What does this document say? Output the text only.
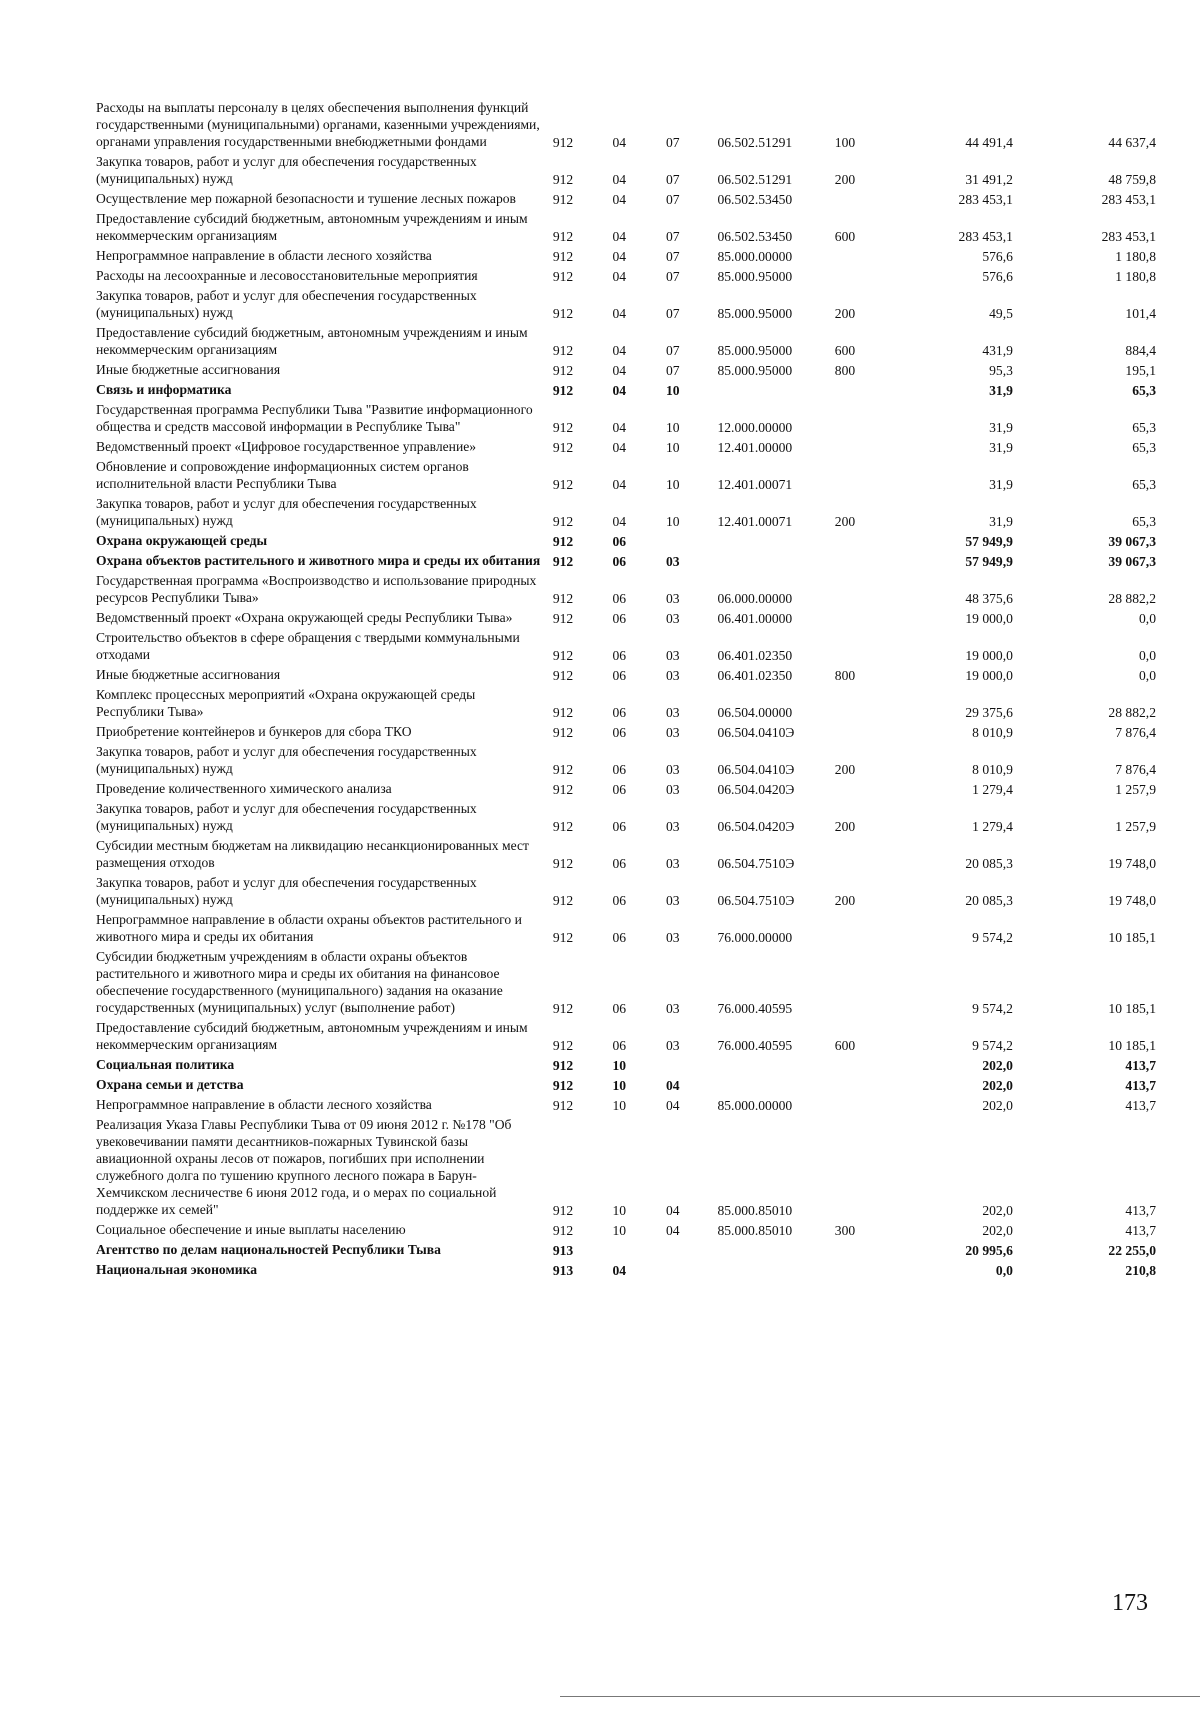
Расходы на выплаты персоналу в целях обеспечения выполнения функций государственными (муниципальными) органами, казенными учреждениями, органами управления государственными внебюджетными фондами	912	04	07	06.502.51291	100	44 491,4	44 637,4
Закупка товаров, работ и услуг для обеспечения государственных (муниципальных) нужд	912	04	07	06.502.51291	200	31 491,2	48 759,8
Осуществление мер пожарной безопасности и тушение лесных пожаров	912	04	07	06.502.53450		283 453,1	283 453,1
Предоставление субсидий бюджетным, автономным учреждениям и иным некоммерческим организациям	912	04	07	06.502.53450	600	283 453,1	283 453,1
Непрограммное направление в области лесного хозяйства	912	04	07	85.000.00000		576,6	1 180,8
Расходы на лесоохранные и лесовосстановительные мероприятия	912	04	07	85.000.95000		576,6	1 180,8
Закупка товаров, работ и услуг для обеспечения государственных (муниципальных) нужд	912	04	07	85.000.95000	200	49,5	101,4
Предоставление субсидий бюджетным, автономным учреждениям и иным некоммерческим организациям	912	04	07	85.000.95000	600	431,9	884,4
Иные бюджетные ассигнования	912	04	07	85.000.95000	800	95,3	195,1
Связь и информатика	912	04	10			31,9	65,3
Государственная программа Республики Тыва "Развитие информационного общества и средств массовой информации в Республике Тыва"	912	04	10	12.000.00000		31,9	65,3
Ведомственный проект «Цифровое государственное управление»	912	04	10	12.401.00000		31,9	65,3
Обновление и сопровождение информационных систем органов исполнительной власти Республики Тыва	912	04	10	12.401.00071		31,9	65,3
Закупка товаров, работ и услуг для обеспечения государственных (муниципальных) нужд	912	04	10	12.401.00071	200	31,9	65,3
Охрана окружающей среды	912	06				57 949,9	39 067,3
Охрана объектов растительного и животного мира и среды их обитания	912	06	03			57 949,9	39 067,3
Государственная программа «Воспроизводство и использование природных ресурсов Республики Тыва»	912	06	03	06.000.00000		48 375,6	28 882,2
Ведомственный проект «Охрана окружающей среды Республики Тыва»	912	06	03	06.401.00000		19 000,0	0,0
Строительство объектов в сфере обращения с твердыми коммунальными отходами	912	06	03	06.401.02350		19 000,0	0,0
Иные бюджетные ассигнования	912	06	03	06.401.02350	800	19 000,0	0,0
Комплекс процессных мероприятий «Охрана окружающей среды Республики Тыва»	912	06	03	06.504.00000		29 375,6	28 882,2
Приобретение контейнеров и бункеров для сбора ТКО	912	06	03	06.504.0410Э		8 010,9	7 876,4
Закупка товаров, работ и услуг для обеспечения государственных (муниципальных) нужд	912	06	03	06.504.0410Э	200	8 010,9	7 876,4
Проведение количественного химического анализа	912	06	03	06.504.0420Э		1 279,4	1 257,9
Закупка товаров, работ и услуг для обеспечения государственных (муниципальных) нужд	912	06	03	06.504.0420Э	200	1 279,4	1 257,9
Субсидии местным бюджетам на ликвидацию несанкционированных мест размещения отходов	912	06	03	06.504.7510Э		20 085,3	19 748,0
Закупка товаров, работ и услуг для обеспечения государственных (муниципальных) нужд	912	06	03	06.504.7510Э	200	20 085,3	19 748,0
Непрограммное направление в области охраны объектов растительного и животного мира и среды их обитания	912	06	03	76.000.00000		9 574,2	10 185,1
Субсидии бюджетным учреждениям в области охраны объектов растительного и животного мира и среды их обитания на финансовое обеспечение государственного (муниципального) задания на оказание государственных (муниципальных) услуг (выполнение работ)	912	06	03	76.000.40595		9 574,2	10 185,1
Предоставление субсидий бюджетным, автономным учреждениям и иным некоммерческим организациям	912	06	03	76.000.40595	600	9 574,2	10 185,1
Социальная политика	912	10				202,0	413,7
Охрана семьи и детства	912	10	04			202,0	413,7
Непрограммное направление в области лесного хозяйства	912	10	04	85.000.00000		202,0	413,7
Реализация Указа Главы Республики Тыва от 09 июня 2012 г. №178 "Об увековечивании памяти десантников-пожарных Тувинской базы авиационной охраны лесов от пожаров, погибших при исполнении служебного долга по тушению крупного лесного пожара в Барун-Хемчикском лесничестве 6 июня 2012 года, и о мерах по социальной поддержке их семей"	912	10	04	85.000.85010		202,0	413,7
Социальное обеспечение и иные выплаты населению	912	10	04	85.000.85010	300	202,0	413,7
Агентство по делам национальностей Республики Тыва	913					20 995,6	22 255,0
Национальная экономика	913	04				0,0	210,8
173
